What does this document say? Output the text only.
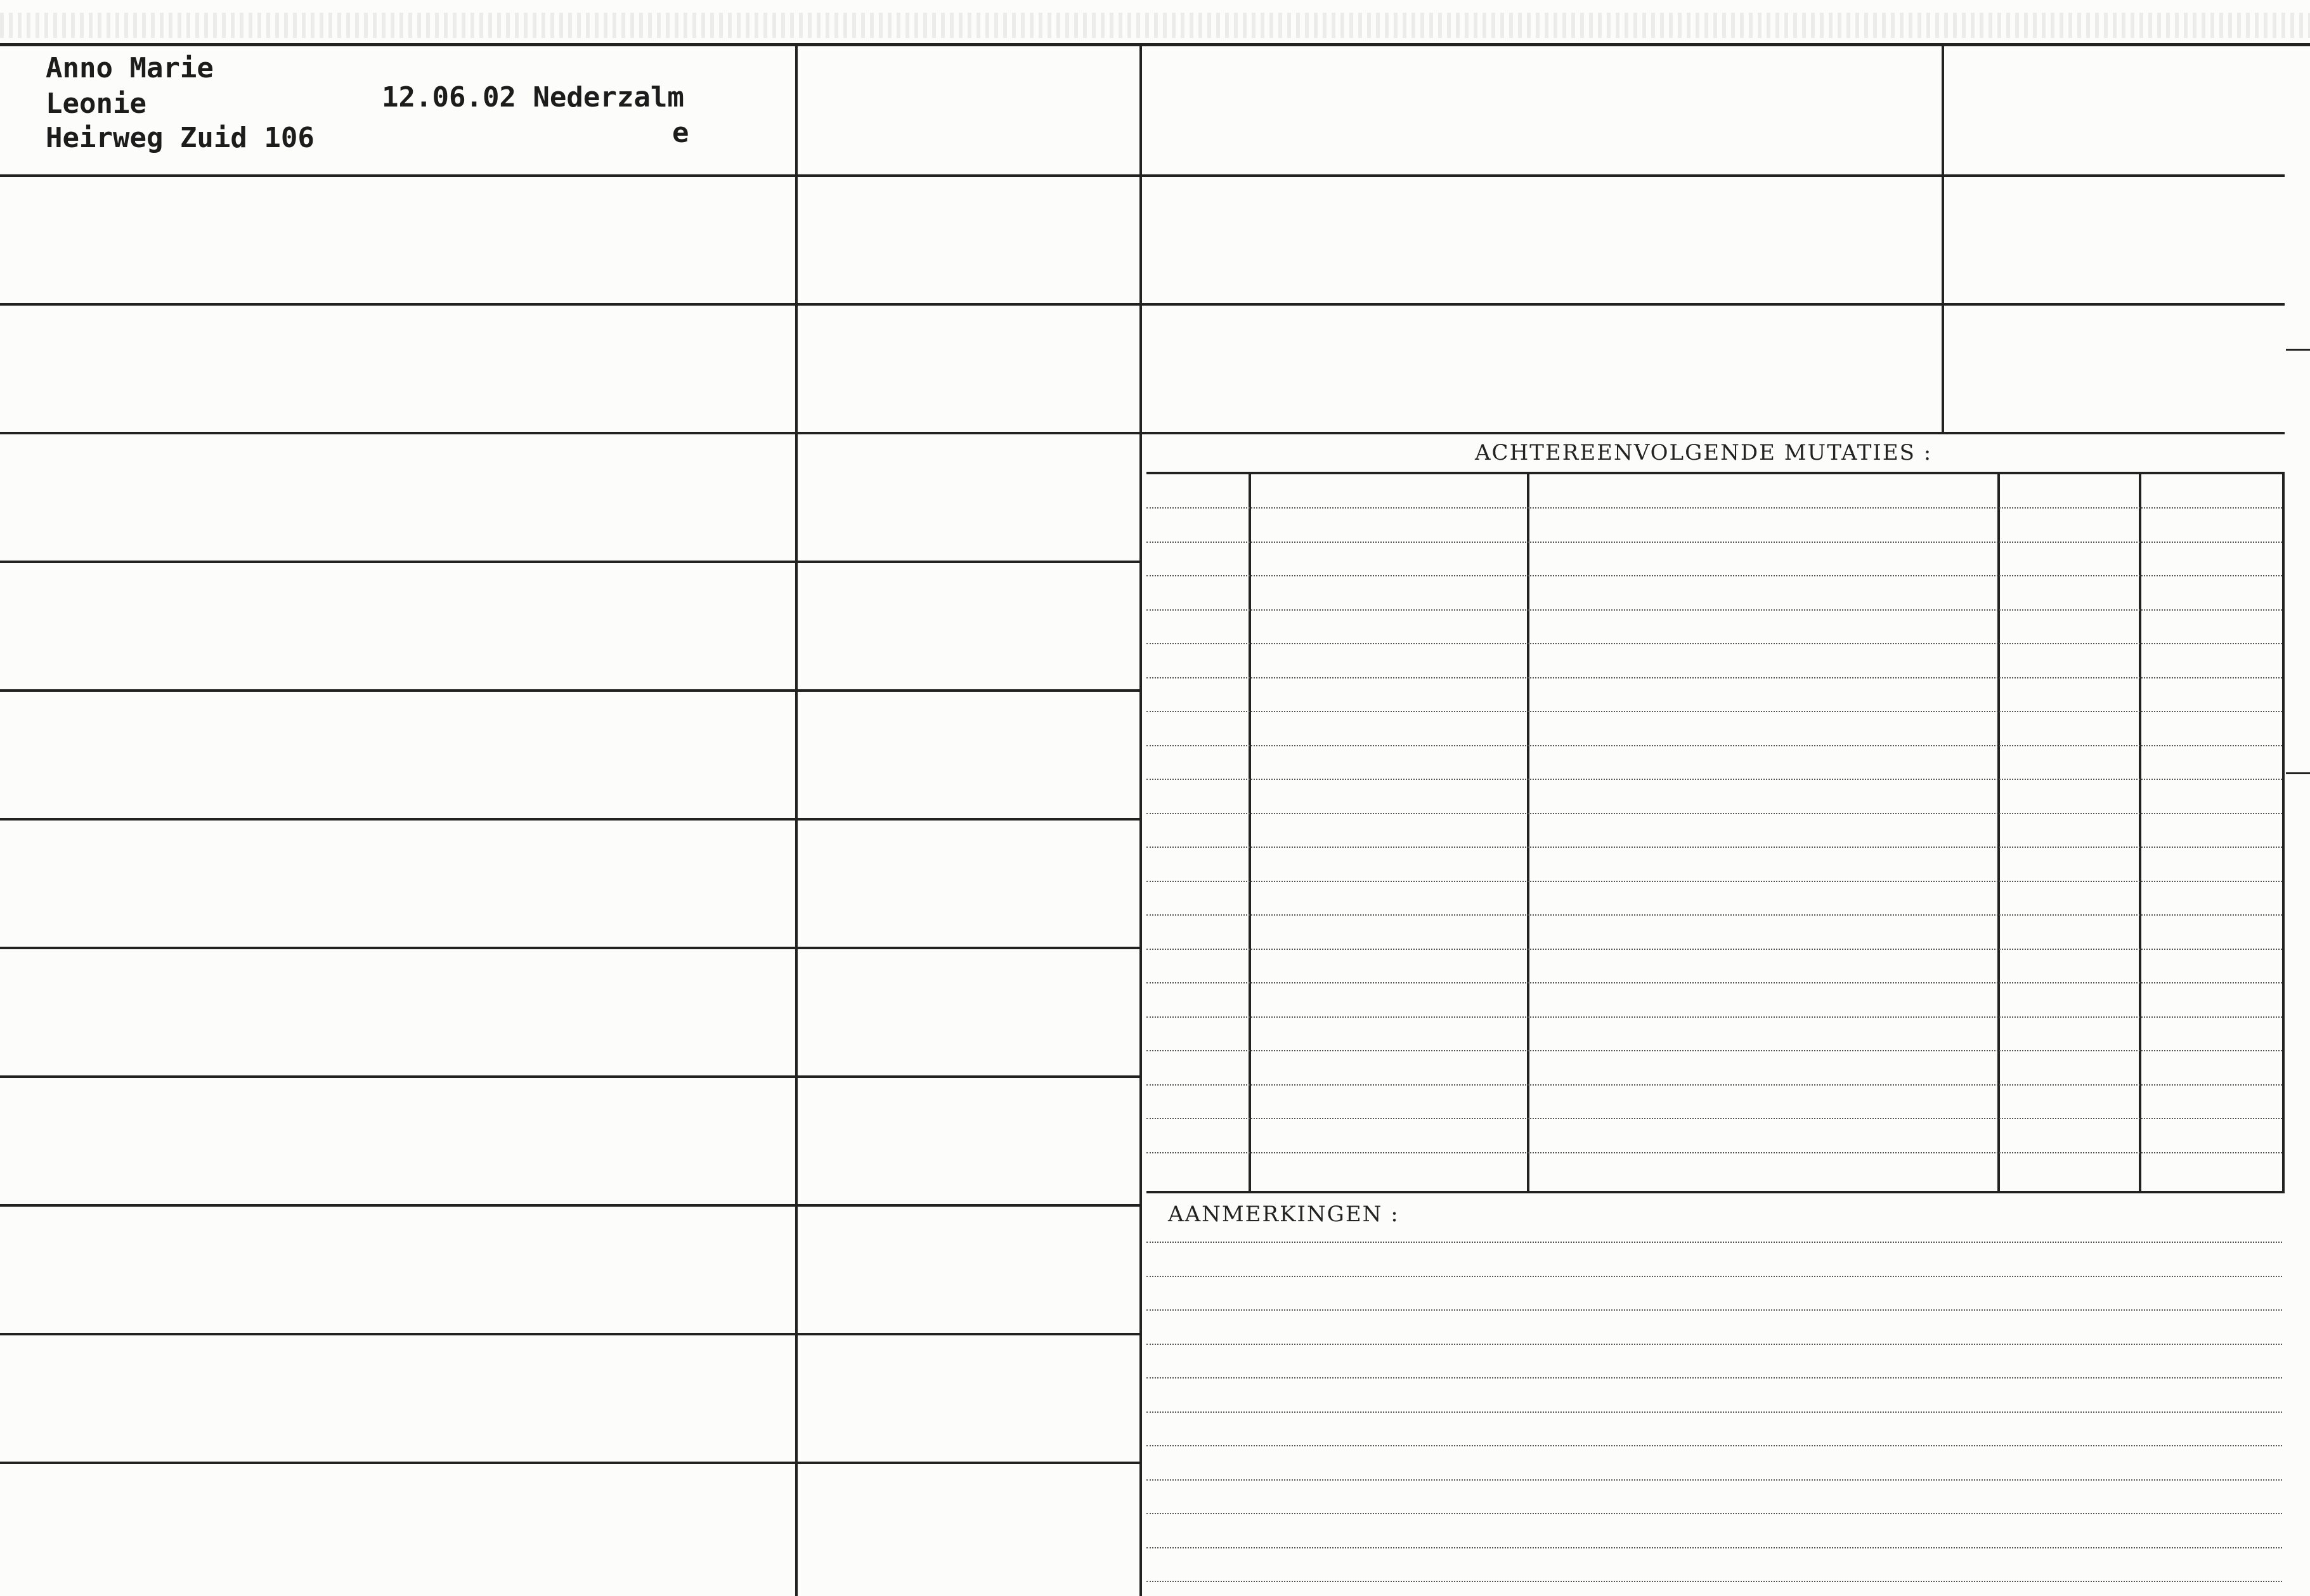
Anno Marie
Leonie
Heirweg Zuid 106
12.06.02 Nederzalm
e
ACHTEREENVOLGENDE MUTATIES :
AANMERKINGEN :
